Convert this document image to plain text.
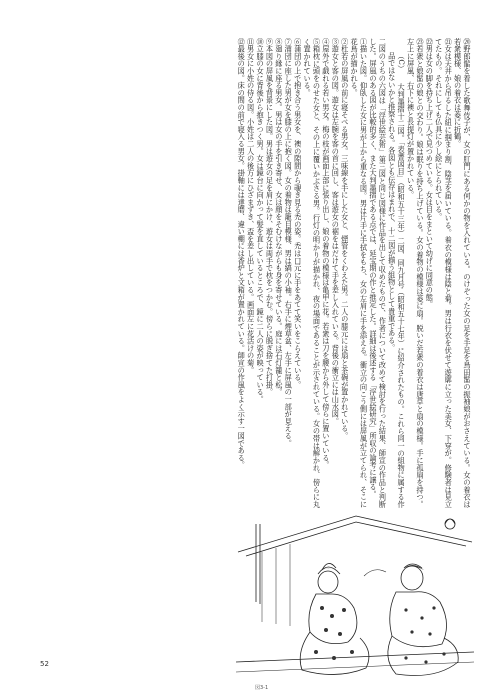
⑳野郎髷を着した歌舞伎子が、女の肛門にある何かの物を入れている。のけぞった女の足を手足を鳥田髷の振袖娘がおさえている。女の着衣は若衆模様、娘の着衣は菱に折鶴。

㉑女は天井から吊るした紐に掴まり割、陰茎を届いている。着衣の模様は陰と菊。男は行衣を伏せて遊廓に立った美女、下穿が。修験者は見立てたもの。それにしても仏具に少し絵にとられている。

㉒男は女の脚を持ち上げ二人で見つめている。女は目をまといて幼げに同意の態。

㉓若衆と娘髷の娘との交わり。娘は眠りを持ち上げている。女の着物の模様は菱に扇。脱いだ若衆の着衣は唐草と扇の模様。手に孤扇を持つ。左上に屏風、右下に襖と長提灯が置かれている。

（C）　　大判墨摺十二図。「表書図目」（昭和五十三年）二図、同九月号（昭和五十七年）に紹介されたもの。これら同一の組物に属する作品ではないかと推察される。各図とも伝存はまれで、十二図が揃う組物として貴重である。

二図のうちの六図は「浮世絵芸術」第三図と同じ図様に作品を出して収めたもので、作者について改めて検討を行った結果、師宣の作品と判断した。屏風のある図が比較的多く、また大判墨摺である点では、延宝期の作と推定した。詳細は後述する「浮世絵研究」所収の論考に譲る。

①描いた図。仰臥した女に男が上から重なる図。男は片手に手拭をもち、女の左肩に手を添える。衝立の向こう側には屏風が立てられ、そこに花鳥が描かれる。

②杜若の屏風の前に寝そべる男女。三味線を手にした女と、煙管をくわえた男。二人の膝元には扇と茶碗が置かれている。

③遊女と客の図。遊女は左腕を客の首に回し、客は遊女の裾をはだけて手を差し入れている。背後の衝立には山水図。

④屋外で戯れる若い男女。梅の枝が画面上部に張り出し、娘の着物の模様は亀甲に花。若衆は刀を腰から外して傍らに置いている。

⑤箱枕に頭をのせた女と、その上に覆いかぶさる男。行灯の明かりが描かれ、夜の場面であることが示されている。女の帯は解かれ、傍らに丸く置かれている。

⑥蒲団の上で抱き合う男女を、襖の隙間から覗き見る禿の姿。禿は口元に手をあてて笑いをこらえている。

⑦浦団に座した男が女を膝の上に抱く図。女の着物は籠目模様、男は縞の小袖。右手に煙草盆、左手に屏風の一部が見える。

⑧廻り縁に座る男女。男は女の手を引き寄せ、女は顔をそむけながらも身を寄せている。庭には石灯籠と松。

⑨本図の屏風を背景にした図。男は遊女の足を肩にかけ、遊女は両手で枕をつかむ。傍らに脱ぎ捨てた打掛。

⑩立膝の女に背後から抱きつく男。女は鏡台に向かって髪を直しているところで、鏡に二人の姿が映っている。

⑪男女に小姓の侍る図。小姓は二人の後方にひざまずき、盃を差し出している。画面左に花活けの菊。

⑫最後の図。床の間の前で寝入る男女。掛軸には達磨、違い棚には香炉と文箱が置かれている。師宣の作風をよく示す一図である。

図3-1
52
